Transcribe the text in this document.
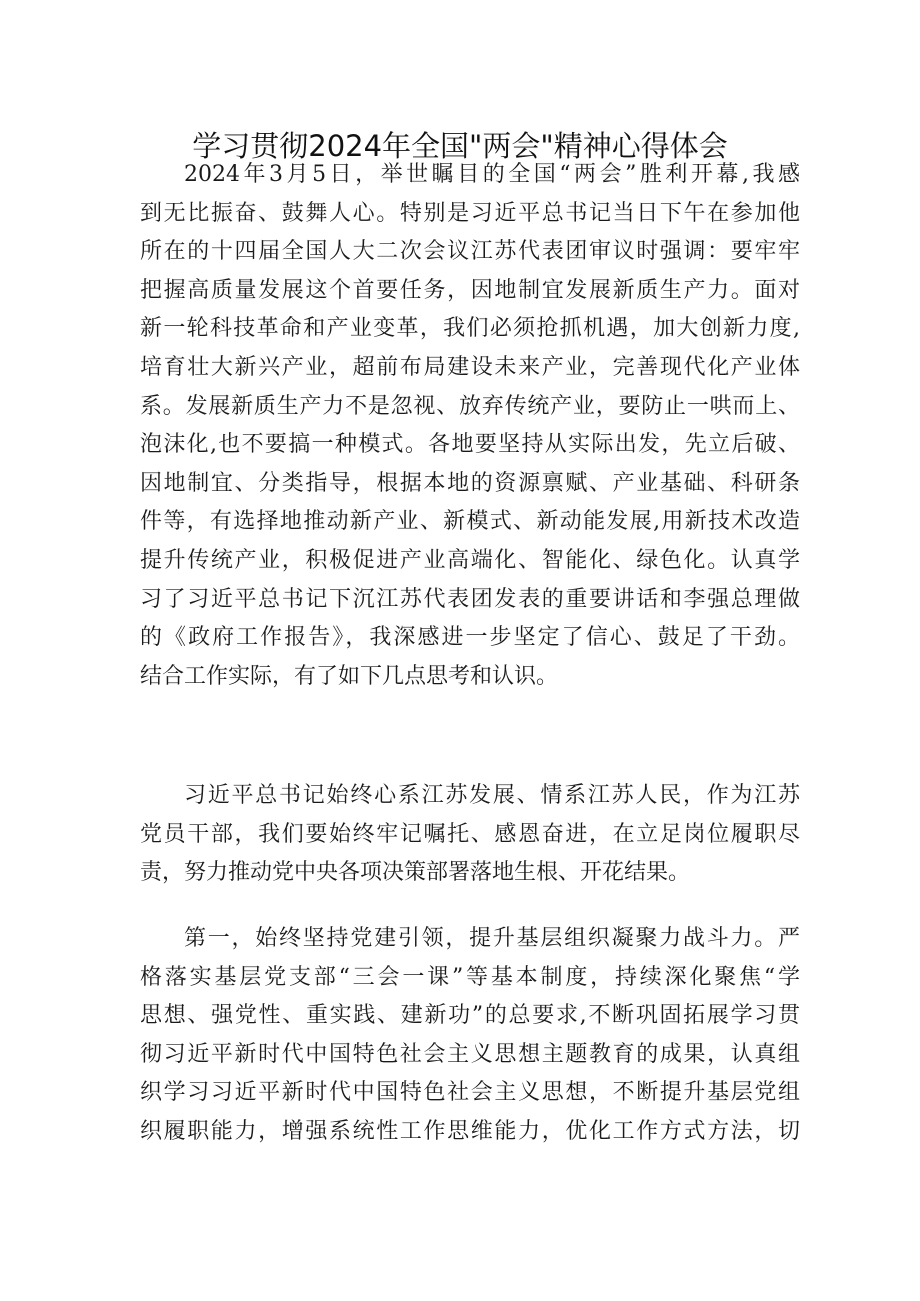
学习贯彻2024年全国"两会"精神心得体会
2024年3月5日，举世瞩目的全国“两会”胜利开幕,我感
到无比振奋、鼓舞人心。特别是习近平总书记当日下午在参加他
所在的十四届全国人大二次会议江苏代表团审议时强调：要牢牢
把握高质量发展这个首要任务，因地制宜发展新质生产力。面对
新一轮科技革命和产业变革，我们必须抢抓机遇，加大创新力度,
培育壮大新兴产业，超前布局建设未来产业，完善现代化产业体
系。发展新质生产力不是忽视、放弃传统产业，要防止一哄而上、
泡沫化,也不要搞一种模式。各地要坚持从实际出发，先立后破、
因地制宜、分类指导，根据本地的资源禀赋、产业基础、科研条
件等，有选择地推动新产业、新模式、新动能发展,用新技术改造
提升传统产业，积极促进产业高端化、智能化、绿色化。认真学
习了习近平总书记下沉江苏代表团发表的重要讲话和李强总理做
的《政府工作报告》，我深感进一步坚定了信心、鼓足了干劲。
结合工作实际，有了如下几点思考和认识。
习近平总书记始终心系江苏发展、情系江苏人民，作为江苏
党员干部，我们要始终牢记嘱托、感恩奋进，在立足岗位履职尽
责，努力推动党中央各项决策部署落地生根、开花结果。
第一，始终坚持党建引领，提升基层组织凝聚力战斗力。严
格落实基层党支部“三会一课”等基本制度，持续深化聚焦“学
思想、强党性、重实践、建新功”的总要求,不断巩固拓展学习贯
彻习近平新时代中国特色社会主义思想主题教育的成果，认真组
织学习习近平新时代中国特色社会主义思想，不断提升基层党组
织履职能力，增强系统性工作思维能力，优化工作方式方法，切
